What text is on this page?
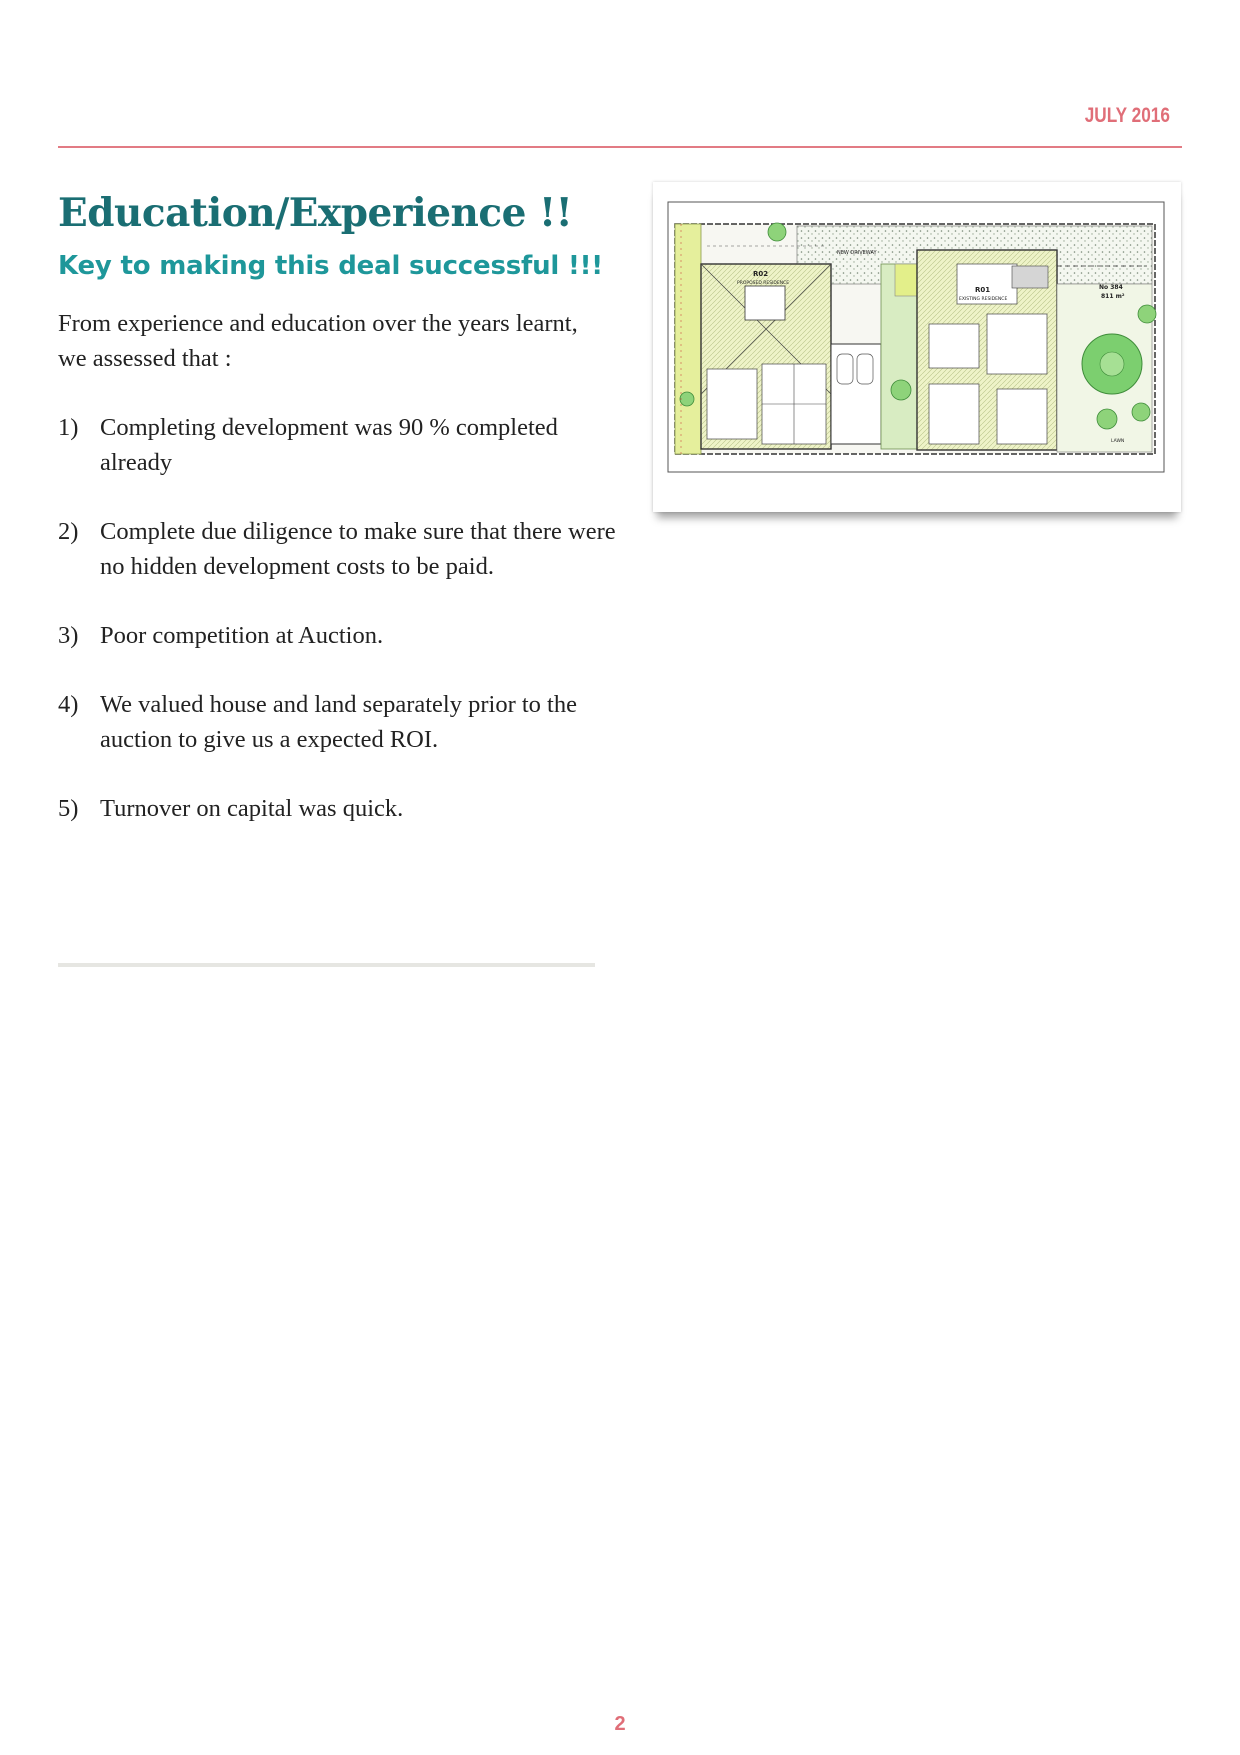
JULY 2016
Education/Experience !!
Key to making this deal successful !!!

From experience and education over the years learnt, we assessed that :

1) Completing development was 90 % completed already
2) Complete due diligence to make sure that there were no hidden development costs to be paid.
3) Poor competition at Auction.
4) We valued house and land separately prior to the auction to give us a expected ROI.
5) Turnover on capital was quick.
R02
PROPOSED RESIDENCE
R01
EXISTING RESIDENCE
NEW DRIVEWAY
No 384
811 m²
LAWN
2
